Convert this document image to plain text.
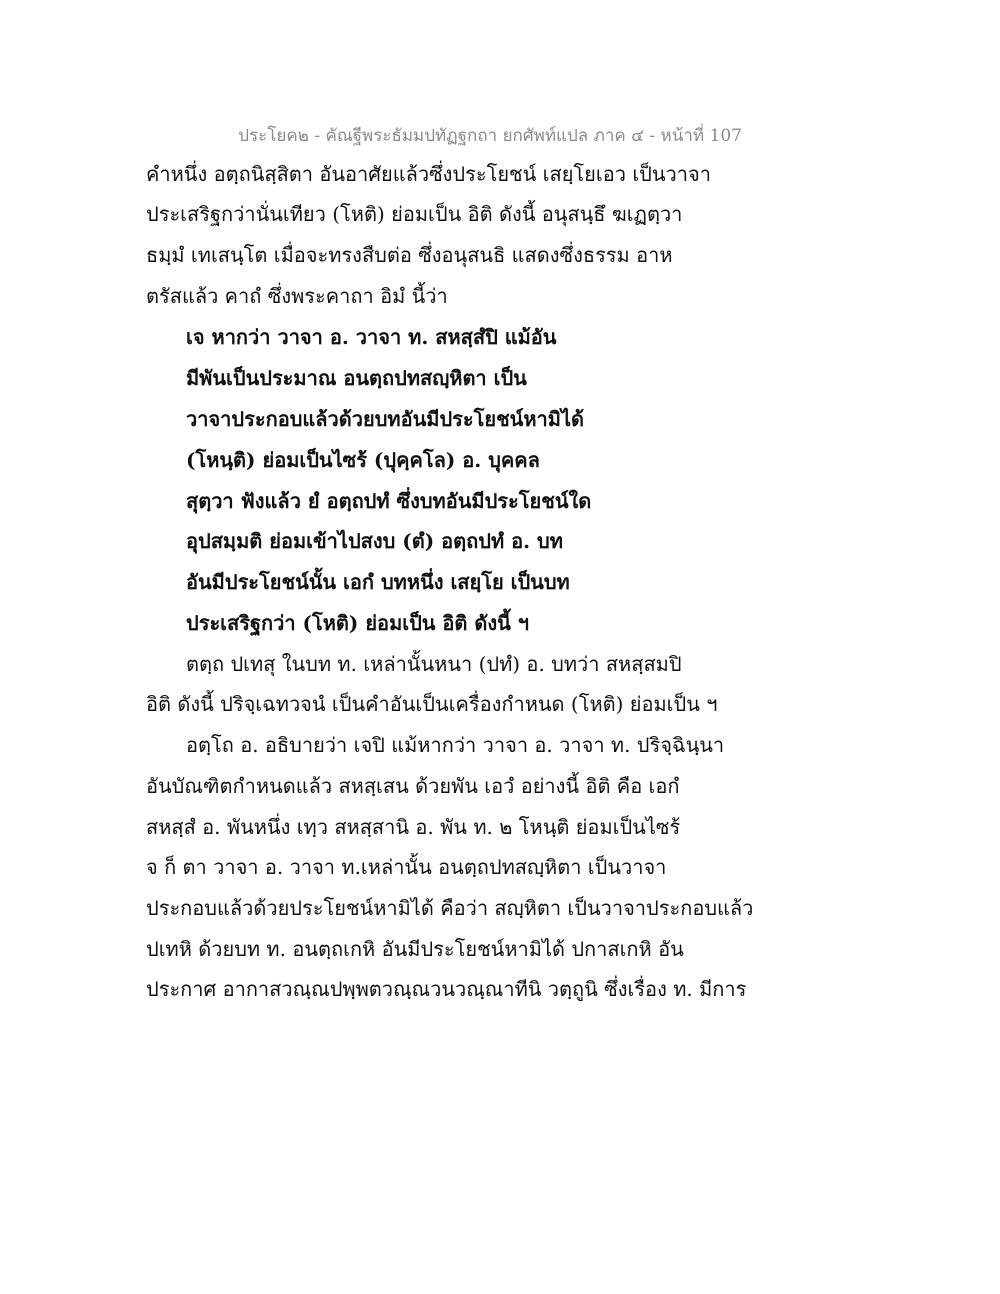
ประโยค๒ - คัณฐีพระธัมมปทัฏฐกถา ยกศัพท์แปล ภาค ๔ - หน้าที่ 107
คำหนึ่ง อตฺถนิสฺสิตา อันอาศัยแล้วซึ่งประโยชน์ เสยฺโยเอว เป็นวาจา
ประเสริฐกว่านั่นเทียว (โหติ) ย่อมเป็น อิติ ดังนี้ อนุสนฺธึ ฆเฏตฺวา
ธมฺมํ เทเสนฺโต เมื่อจะทรงสืบต่อ ซึ่งอนุสนธิ แสดงซึ่งธรรม อาห
ตรัสแล้ว คาถํ ซึ่งพระคาถา อิมํ นี้ว่า
เจ หากว่า วาจา อ. วาจา ท. สหสฺสํปิ แม้อัน
มีพันเป็นประมาณ อนตฺถปทสญฺหิตา เป็น
วาจาประกอบแล้วด้วยบทอันมีประโยชน์หามิได้
(โหนฺติ) ย่อมเป็นไซร้ (ปุคฺคโล) อ. บุคคล
สุตฺวา ฟังแล้ว ยํ อตฺถปทํ ซึ่งบทอันมีประโยชน์ใด
อุปสมฺมติ ย่อมเข้าไปสงบ (ตํ) อตฺถปทํ อ. บท
อันมีประโยชน์นั้น เอกํ บทหนึ่ง เสยฺโย เป็นบท
ประเสริฐกว่า (โหติ) ย่อมเป็น อิติ ดังนี้ ฯ
ตตฺถ ปเทสุ ในบท ท. เหล่านั้นหนา (ปทํ) อ. บทว่า สหสฺสมปิ
อิติ ดังนี้ ปริจฺเฉทวจนํ เป็นคำอันเป็นเครื่องกำหนด (โหติ) ย่อมเป็น ฯ
อตฺโถ อ. อธิบายว่า เจปิ แม้หากว่า วาจา อ. วาจา ท. ปริจฺฉินฺนา
อันบัณฑิตกำหนดแล้ว สหสฺเสน ด้วยพัน เอวํ อย่างนี้ อิติ คือ เอกํ
สหสฺสํ อ. พันหนึ่ง เทฺว สหสฺสานิ อ. พัน ท. ๒ โหนฺติ ย่อมเป็นไซร้
จ ก็ ตา วาจา อ. วาจา ท.เหล่านั้น อนตฺถปทสญฺหิตา เป็นวาจา
ประกอบแล้วด้วยประโยชน์หามิได้ คือว่า สญฺหิตา เป็นวาจาประกอบแล้ว
ปเทหิ ด้วยบท ท. อนตฺถเกหิ อันมีประโยชน์หามิได้ ปกาสเกหิ อัน
ประกาศ อากาสวณฺณปพฺพตวณฺณวนวณฺณาทีนิ วตฺถูนิ ซึ่งเรื่อง ท. มีการ
